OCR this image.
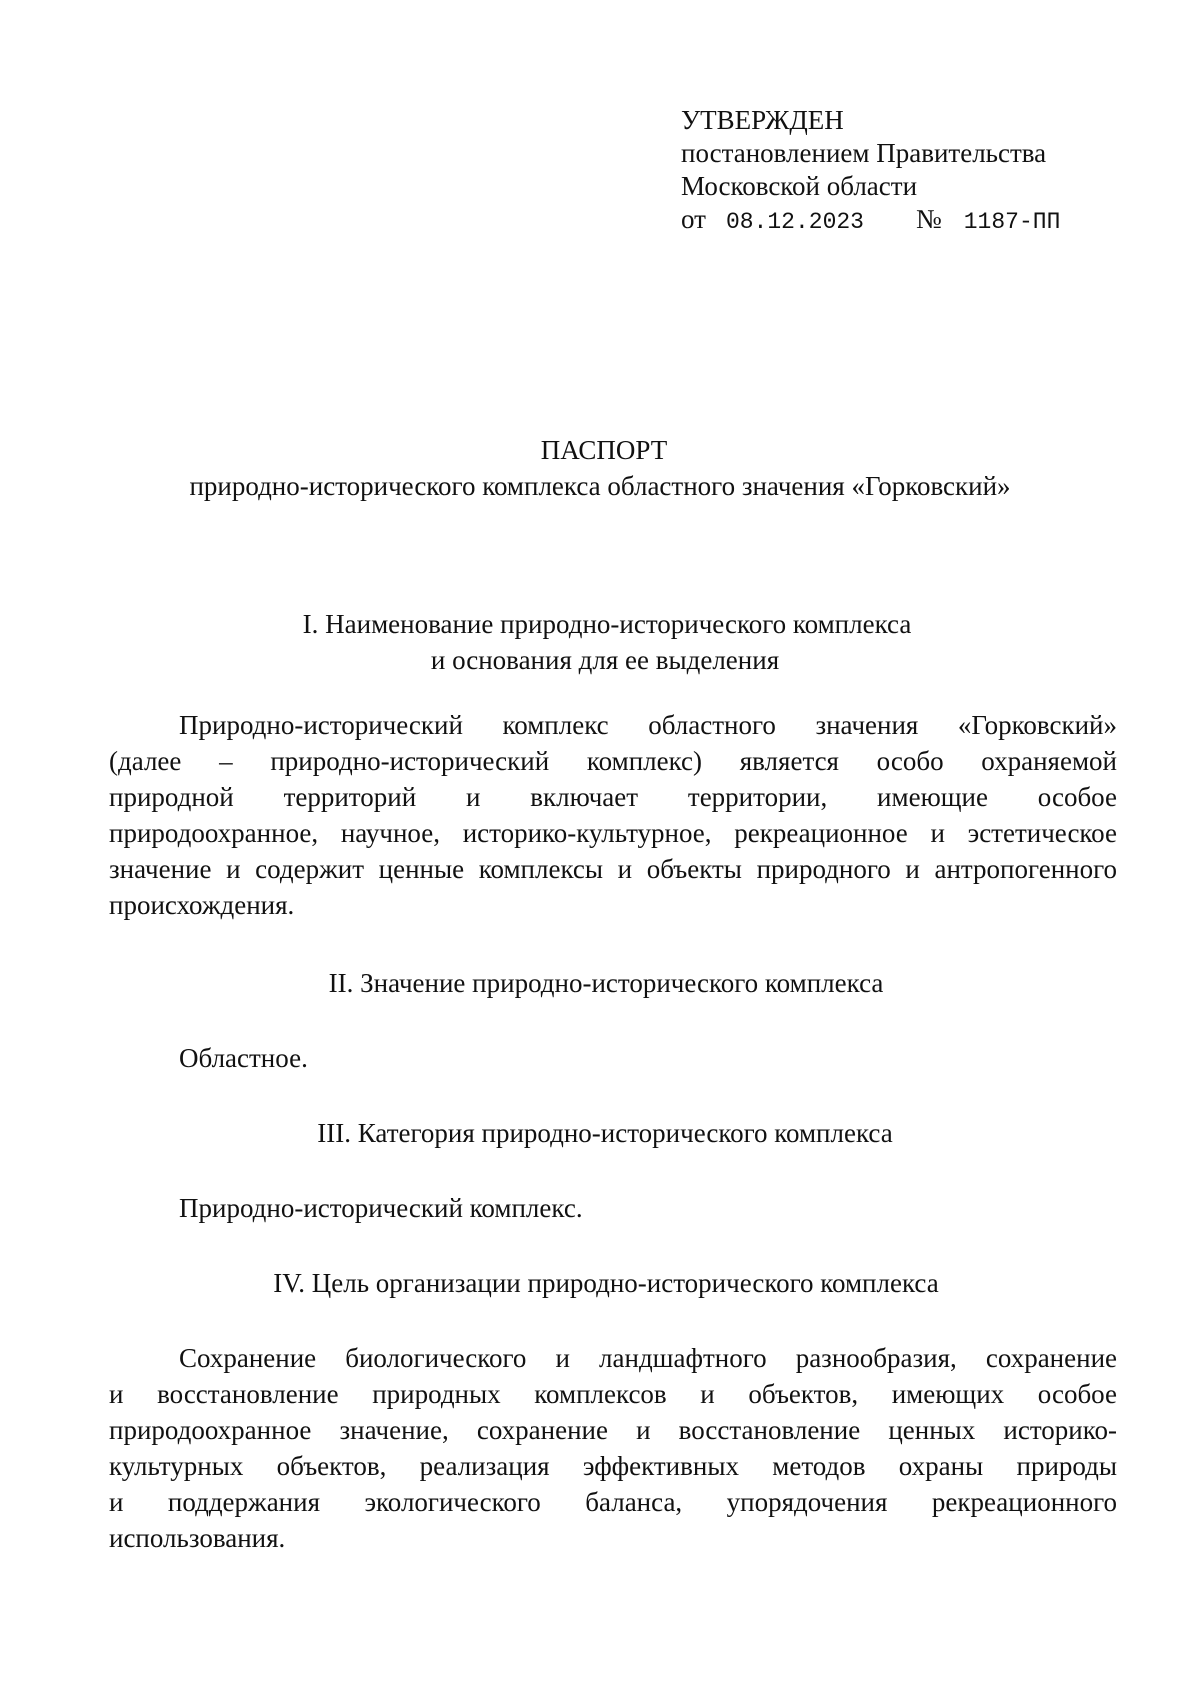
УТВЕРЖДЕН
постановлением Правительства
Московской области
от 08.12.2023 № 1187-ПП
ПАСПОРТ
природно-исторического комплекса областного значения «Горковский»
I. Наименование природно-исторического комплекса
и основания для ее выделения
Природно-исторический комплекс областного значения «Горковский»
(далее – природно-исторический комплекс) является особо охраняемой
природной территорий и включает территории, имеющие особое
природоохранное, научное, историко-культурное, рекреационное и эстетическое
значение и содержит ценные комплексы и объекты природного и антропогенного
происхождения.
II. Значение природно-исторического комплекса
Областное.
III. Категория природно-исторического комплекса
Природно-исторический комплекс.
IV. Цель организации природно-исторического комплекса
Сохранение биологического и ландшафтного разнообразия, сохранение
и восстановление природных комплексов и объектов, имеющих особое
природоохранное значение, сохранение и восстановление ценных историко-
культурных объектов, реализация эффективных методов охраны природы
и поддержания экологического баланса, упорядочения рекреационного
использования.
